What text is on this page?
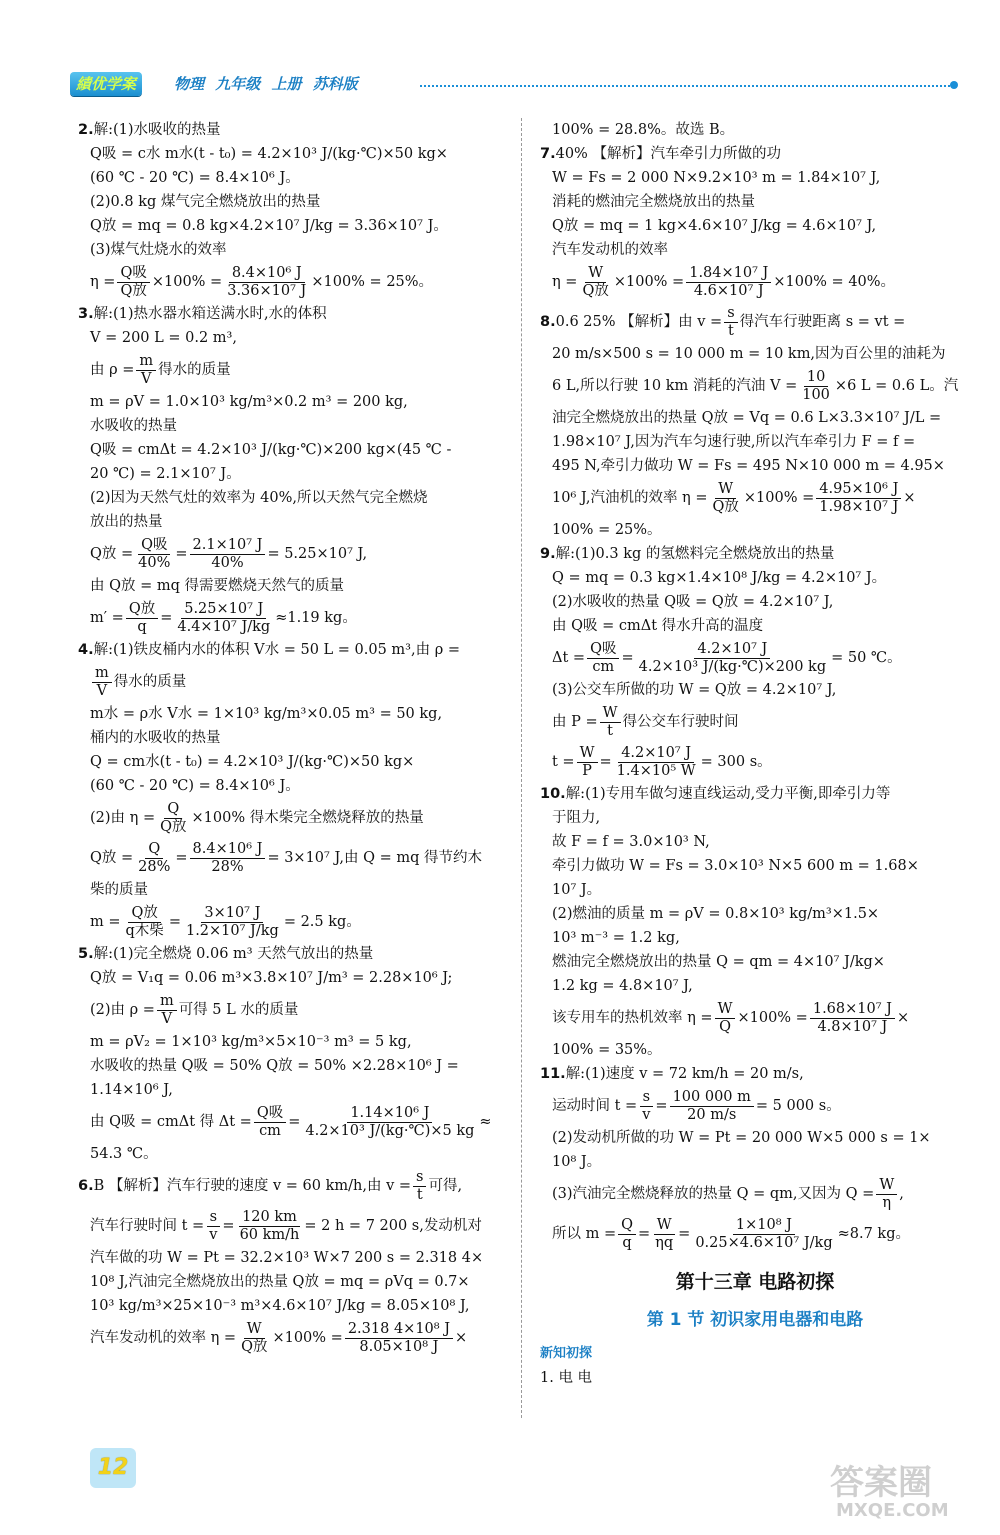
績优学案	物理 九年级 上册 苏科版
2.解:(1)水吸收的热量
Q吸 = c水 m水(t - t₀) = 4.2×10³ J/(kg·℃)×50 kg×
(60 ℃ - 20 ℃) = 8.4×10⁶ J。
(2)0.8 kg 煤气完全燃烧放出的热量
Q放 = mq = 0.8 kg×4.2×10⁷ J/kg = 3.36×10⁷ J。
(3)煤气灶烧水的效率
$\eta = \frac{\text{Q吸}}{\text{Q放}} \times 100\% = \frac{\text{8.4×10⁶ J}}{\text{3.36×10⁷ J}} \times 100\% = 25\%$。
3.解:(1)热水器水箱送满水时,水的体积
V = 200 L = 0.2 m³,
由 $\rho = \frac{m}{V}$ 得水的质量
m = ρV = 1.0×10³ kg/m³×0.2 m³ = 200 kg,
水吸收的热量
Q吸 = cmΔt = 4.2×10³ J/(kg·℃)×200 kg×(45 ℃ -
20 ℃) = 2.1×10⁷ J。
(2)因为天然气灶的效率为 40%,所以天然气完全燃烧
放出的热量
Q放 = $\frac{\text{Q吸}}{40\%} = \frac{\text{2.1×10⁷ J}}{40\%} = 5.25\times 10^7$ J,
由 Q放 = mq 得需要燃烧天然气的质量
$m' = \frac{\text{Q放}}{q} = \frac{\text{5.25×10⁷ J}}{\text{4.4×10⁷ J/kg}} \approx 1.19$ kg。
4.解:(1)铁皮桶内水的体积 V水 = 50 L = 0.05 m³,由 ρ =
$\frac{m}{V}$ 得水的质量
m水 = ρ水 V水 = 1×10³ kg/m³×0.05 m³ = 50 kg,
桶内的水吸收的热量
Q = cm水(t - t₀) = 4.2×10³ J/(kg·℃)×50 kg×
(60 ℃ - 20 ℃) = 8.4×10⁶ J。
(2)由 $\eta = \frac{Q}{\text{Q放}} \times 100\%$ 得木柴完全燃烧释放的热量
Q放 = $\frac{Q}{28\%} = \frac{\text{8.4×10⁶ J}}{28\%} = 3\times 10^7$ J,由 Q = mq 得节约木
柴的质量
$m = \frac{\text{Q放}}{\text{q木柴}} = \frac{\text{3×10⁷ J}}{\text{1.2×10⁷ J/kg}} = 2.5$ kg。
5.解:(1)完全燃烧 0.06 m³ 天然气放出的热量
Q放 = V₁q = 0.06 m³×3.8×10⁷ J/m³ = 2.28×10⁶ J;
(2)由 $\rho = \frac{m}{V}$ 可得 5 L 水的质量
m = ρV₂ = 1×10³ kg/m³×5×10⁻³ m³ = 5 kg,
水吸收的热量 Q吸 = 50% Q放 = 50% ×2.28×10⁶ J =
1.14×10⁶ J,
由 Q吸 = cmΔt 得 $\Delta t = \frac{\text{Q吸}}{cm} = \frac{\text{1.14×10⁶ J}}{\text{4.2×10³ J/(kg·℃)×5 kg}}$ ≈
54.3 ℃。
6. B 【解析】汽车行驶的速度 v = 60 km/h,由 $v = \frac{s}{t}$ 可得,
汽车行驶时间 $t = \frac{s}{v} = \frac{120 km}{60 km/h} = 2$ h = 7 200 s,发动机对
汽车做的功 W = Pt = 32.2×10³ W×7 200 s = 2.318 4×
10⁸ J,汽油完全燃烧放出的热量 Q放 = mq = ρVq = 0.7×
10³ kg/m³×25×10⁻³ m³×4.6×10⁷ J/kg = 8.05×10⁸ J,
汽车发动机的效率 $\eta = \frac{W}{\text{Q放}} \times 100\% = \frac{\text{2.318 4×10⁸ J}}{\text{8.05×10⁸ J}}$ ×
100% = 28.8%。故选 B。
7.40% 【解析】汽车牵引力所做的功
W = Fs = 2 000 N×9.2×10³ m = 1.84×10⁷ J,
消耗的燃油完全燃烧放出的热量
Q放 = mq = 1 kg×4.6×10⁷ J/kg = 4.6×10⁷ J,
汽车发动机的效率
$\eta = \frac{W}{\text{Q放}} \times 100\% = \frac{\text{1.84×10⁷ J}}{\text{4.6×10⁷ J}} \times 100\% = 40\%$。
8. 0.6 25% 【解析】由 $v = \frac{s}{t}$ 得汽车行驶距离 s = vt =
20 m/s×500 s = 10 000 m = 10 km,因为百公里的油耗为
6 L,所以行驶 10 km 消耗的汽油 $V = \frac{10}{100} \times 6$ L = 0.6 L。汽
油完全燃烧放出的热量 Q放 = Vq = 0.6 L×3.3×10⁷ J/L =
1.98×10⁷ J,因为汽车匀速行驶,所以汽车牵引力 F = f =
495 N,牵引力做功 W = Fs = 495 N×10 000 m = 4.95×
10⁶ J,汽油机的效率 $\eta = \frac{W}{\text{Q放}} \times 100\% = \frac{\text{4.95×10⁶ J}}{\text{1.98×10⁷ J}}$ ×
100% = 25%。
9.解:(1)0.3 kg 的氢燃料完全燃烧放出的热量
Q = mq = 0.3 kg×1.4×10⁸ J/kg = 4.2×10⁷ J。
(2)水吸收的热量 Q吸 = Q放 = 4.2×10⁷ J,
由 Q吸 = cmΔt 得水升高的温度
$\Delta t = \frac{\text{Q吸}}{cm} = \frac{\text{4.2×10⁷ J}}{\text{4.2×10³ J/(kg·℃)×200 kg}} = 50$ ℃。
(3)公交车所做的功 W = Q放 = 4.2×10⁷ J,
由 $P = \frac{W}{t}$ 得公交车行驶时间
$t = \frac{W}{P} = \frac{\text{4.2×10⁷ J}}{\text{1.4×10⁵ W}} = 300$ s。
10.解:(1)专用车做匀速直线运动,受力平衡,即牵引力等
于阻力,
故 F = f = 3.0×10³ N,
牵引力做功 W = Fs = 3.0×10³ N×5 600 m = 1.68×
10⁷ J。
(2)燃油的质量 m = ρV = 0.8×10³ kg/m³×1.5×
10³ m⁻³ = 1.2 kg,
燃油完全燃烧放出的热量 Q = qm = 4×10⁷ J/kg×
1.2 kg = 4.8×10⁷ J,
该专用车的热机效率 $\eta = \frac{W}{Q} \times 100\% = \frac{\text{1.68×10⁷ J}}{\text{4.8×10⁷ J}}$ ×
100% = 35%。
11.解:(1)速度 v = 72 km/h = 20 m/s,
运动时间 $t = \frac{s}{v} = \frac{100 000 m}{20 m/s} = 5$ 000 s。
(2)发动机所做的功 W = Pt = 20 000 W×5 000 s = 1×
10⁸ J。
(3)汽油完全燃烧释放的热量 Q = qm,又因为 $Q = \frac{W}{\eta}$ ,
所以 $m = \frac{Q}{q} = \frac{W}{\eta q} = \frac{\text{1×10⁸ J}}{\text{0.25×4.6×10⁷ J/kg}} \approx 8.7$ kg。
第十三章 电路初探
第 1 节 初识家用电器和电路
新知初探
1. 电 电
12	答案圈
MXQE.COM
